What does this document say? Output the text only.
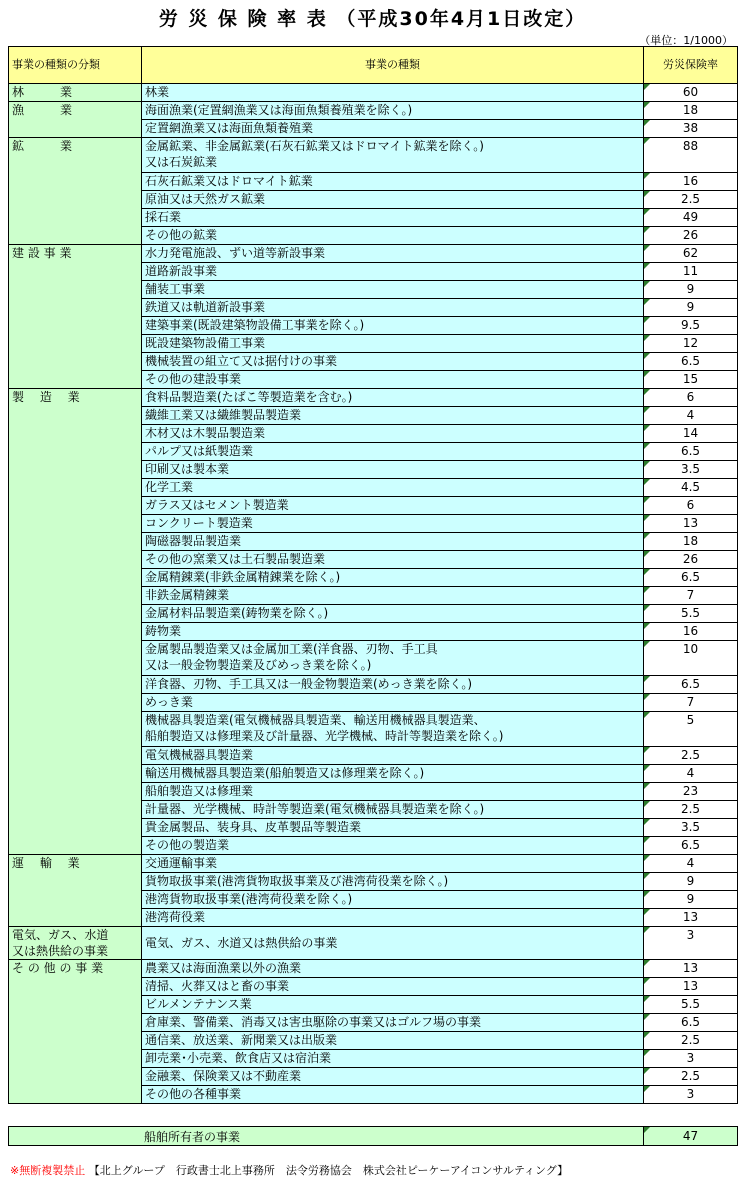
労 災 保 険 率 表 （平成30年4月1日改定）
（単位：1/1000）
事業の種類の分類	事業の種類	労災保険率

林　　　業	林業	60

漁　　　業	海面漁業(定置網漁業又は海面魚類養殖業を除く。)	18

	定置網漁業又は海面魚類養殖業	38

鉱　　　業	金属鉱業、非金属鉱業(石灰石鉱業又はドロマイト鉱業を除く。)
又は石炭鉱業	88

	石灰石鉱業又はドロマイト鉱業	16

	原油又は天然ガス鉱業	2.5

	採石業	49

	その他の鉱業	26

建 設 事 業	水力発電施設、ずい道等新設事業	62

	道路新設事業	11

	舗装工事業	9

	鉄道又は軌道新設事業	9

	建築事業(既設建築物設備工事業を除く。)	9.5

	既設建築物設備工事業	12

	機械装置の組立て又は据付けの事業	6.5

	その他の建設事業	15

製　 造　 業	食料品製造業(たばこ等製造業を含む。)	6

	繊維工業又は繊維製品製造業	4

	木材又は木製品製造業	14

	パルプ又は紙製造業	6.5

	印刷又は製本業	3.5

	化学工業	4.5

	ガラス又はセメント製造業	6

	コンクリート製造業	13

	陶磁器製品製造業	18

	その他の窯業又は土石製品製造業	26

	金属精錬業(非鉄金属精錬業を除く。)	6.5

	非鉄金属精錬業	7

	金属材料品製造業(鋳物業を除く。)	5.5

	鋳物業	16

	金属製品製造業又は金属加工業(洋食器、刃物、手工具
又は一般金物製造業及びめっき業を除く。)	10

	洋食器、刃物、手工具又は一般金物製造業(めっき業を除く。)	6.5

	めっき業	7

	機械器具製造業(電気機械器具製造業、輸送用機械器具製造業、
船舶製造又は修理業及び計量器、光学機械、時計等製造業を除く。)	5

	電気機械器具製造業	2.5

	輸送用機械器具製造業(船舶製造又は修理業を除く。)	4

	船舶製造又は修理業	23

	計量器、光学機械、時計等製造業(電気機械器具製造業を除く。)	2.5

	貴金属製品、装身具、皮革製品等製造業	3.5

	その他の製造業	6.5

運　 輸　 業	交通運輸事業	4

	貨物取扱事業(港湾貨物取扱事業及び港湾荷役業を除く。)	9

	港湾貨物取扱事業(港湾荷役業を除く。)	9

	港湾荷役業	13

電気、ガス、水道
又は熱供給の事業	電気、ガス、水道又は熱供給の事業	3

そ の 他 の 事 業	農業又は海面漁業以外の漁業	13

	清掃、火葬又はと畜の事業	13

	ビルメンテナンス業	5.5

	倉庫業、警備業、消毒又は害虫駆除の事業又はゴルフ場の事業	6.5

	通信業、放送業、新聞業又は出版業	2.5

	卸売業･小売業、飲食店又は宿泊業	3

	金融業、保険業又は不動産業	2.5

	その他の各種事業	3
船舶所有者の事業	47
※無断複製禁止 【北上グループ　行政書士北上事務所　法令労務協会　株式会社ピーケーアイコンサルティング】
